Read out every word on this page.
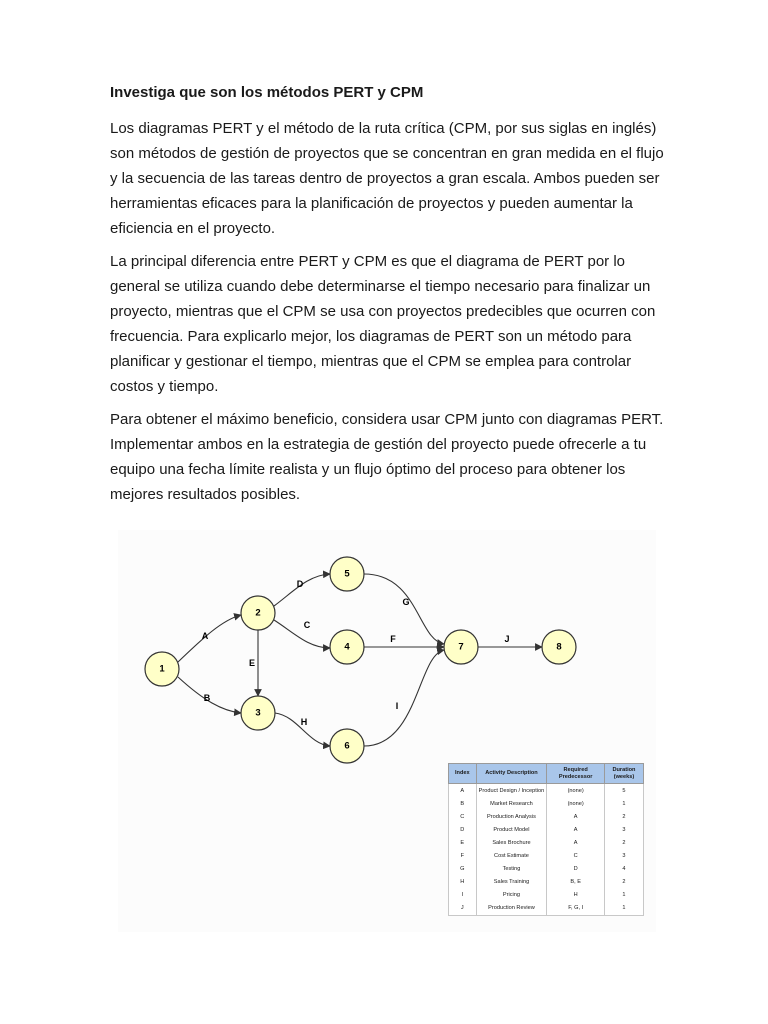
Investiga que son los métodos PERT y CPM

Los diagramas PERT y el método de la ruta crítica (CPM, por sus siglas en inglés) son métodos de gestión de proyectos que se concentran en gran medida en el flujo y la secuencia de las tareas dentro de proyectos a gran escala. Ambos pueden ser herramientas eficaces para la planificación de proyectos y pueden aumentar la eficiencia en el proyecto.

La principal diferencia entre PERT y CPM es que el diagrama de PERT por lo general se utiliza cuando debe determinarse el tiempo necesario para finalizar un proyecto, mientras que el CPM se usa con proyectos predecibles que ocurren con frecuencia. Para explicarlo mejor, los diagramas de PERT son un método para planificar y gestionar el tiempo, mientras que el CPM se emplea para controlar costos y tiempo.

Para obtener el máximo beneficio, considera usar CPM junto con diagramas PERT. Implementar ambos en la estrategia de gestión del proyecto puede ofrecerle a tu equipo una fecha límite realista y un flujo óptimo del proceso para obtener los mejores resultados posibles.

A
B
C
D
E
F
G
H
I
J
1
2
3
4
5
6
7	8
Index	Activity Description	Required Predecessor	Duration (weeks)
A	Product Design / Inception	(none)	5
B	Market Research	(none)	1
C	Production Analysis	A	2
D	Product Model	A	3
E	Sales Brochure	A	2
F	Cost Estimate	C	3
G	Testing	D	4
H	Sales Training	B, E	2
I	Pricing	H	1
J	Production Review	F, G, I	1
